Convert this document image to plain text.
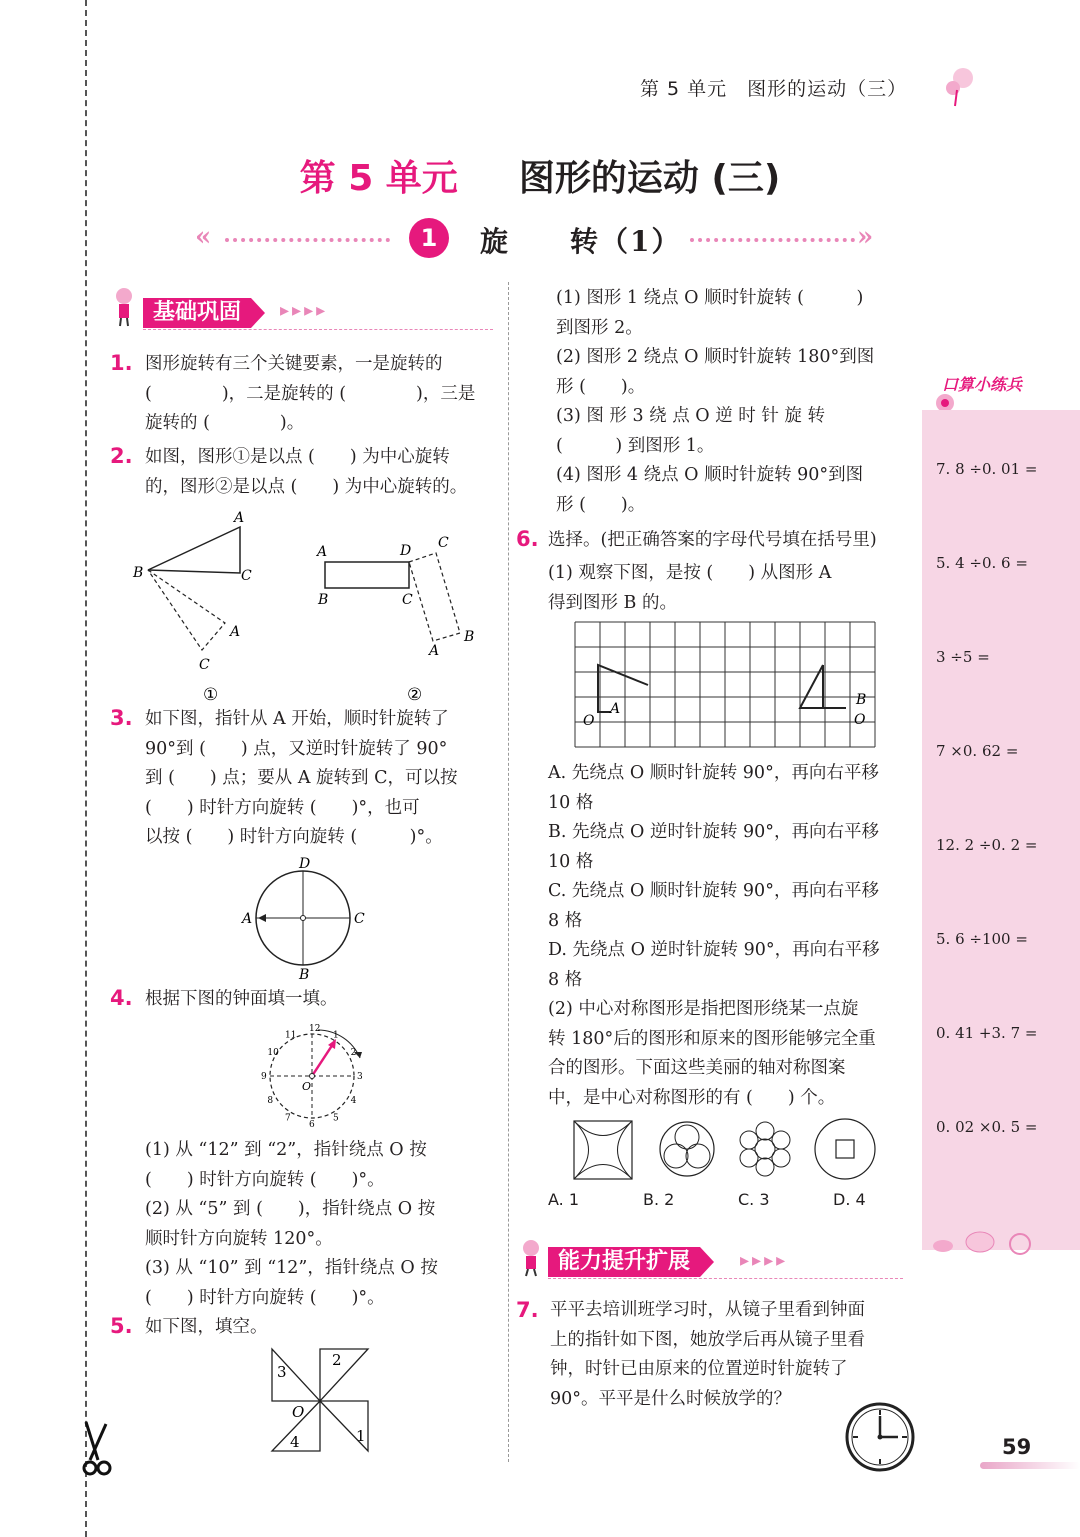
第 5 单元　图形的运动（三）
第 5 单元 图形的运动 (三)
«	1	旋　　转（1）	»
基础巩固	▸▸▸▸
1. 图形旋转有三个关键要素，一是旋转的
(　　　　)，二是旋转的 (　　　　)，三是
旋转的 (　　　　)。
2. 如图，图形①是以点 (　　) 为中心旋转
的，图形②是以点 (　　) 为中心旋转的。
A
B	C
A
C
①
A
B	C
D C
B
A
②
3. 如下图，指针从 A 开始，顺时针旋转了
90°到 (　　) 点，又逆时针旋转了 90°
到 (　　) 点；要从 A 旋转到 C，可以按
(　　) 时针方向旋转 (　　)°，也可
以按 (　　) 时针方向旋转 (　　　)°。
D
A	C
B
4. 根据下图的钟面填一填。
12
1
2
3
4
5
6
7
8
9
10
11
O
(1) 从 “12” 到 “2”，指针绕点 O 按
(　　) 时针方向旋转 (　　)°。
(2) 从 “5” 到 (　　)，指针绕点 O 按
顺时针方向旋转 120°。
(3) 从 “10” 到 “12”，指针绕点 O 按
(　　) 时针方向旋转 (　　)°。
5. 如下图，填空。
2
3
1
4
O
(1) 图形 1 绕点 O 顺时针旋转 (　　　)
到图形 2。
(2) 图形 2 绕点 O 顺时针旋转 180°到图
形 (　　)。
(3) 图 形 3 绕 点 O 逆 时 针 旋 转
(　　　) 到图形 1。
(4) 图形 4 绕点 O 顺时针旋转 90°到图
形 (　　)。
6. 选择。(把正确答案的字母代号填在括号里)
(1) 观察下图，是按 (　　) 从图形 A
得到图形 B 的。
O
A
B
O
A. 先绕点 O 顺时针旋转 90°，再向右平移
10 格
B. 先绕点 O 逆时针旋转 90°，再向右平移
10 格
C. 先绕点 O 顺时针旋转 90°，再向右平移
8 格
D. 先绕点 O 逆时针旋转 90°，再向右平移
8 格
(2) 中心对称图形是指把图形绕某一点旋
转 180°后的图形和原来的图形能够完全重
合的图形。下面这些美丽的轴对称图案
中，是中心对称图形的有 (　　) 个。
A. 1	B. 2	C. 3	D. 4
能力提升扩展	▸▸▸▸
7. 平平去培训班学习时，从镜子里看到钟面
上的指针如下图，她放学后再从镜子里看
钟，时针已由原来的位置逆时针旋转了
90°。平平是什么时候放学的？
口算小练兵
7. 8 ÷0. 01 =
5. 4 ÷0. 6 =
3 ÷5 =
7 ×0. 62 =
12. 2 ÷0. 2 =
5. 6 ÷100 =
0. 41 +3. 7 =
0. 02 ×0. 5 =
59
